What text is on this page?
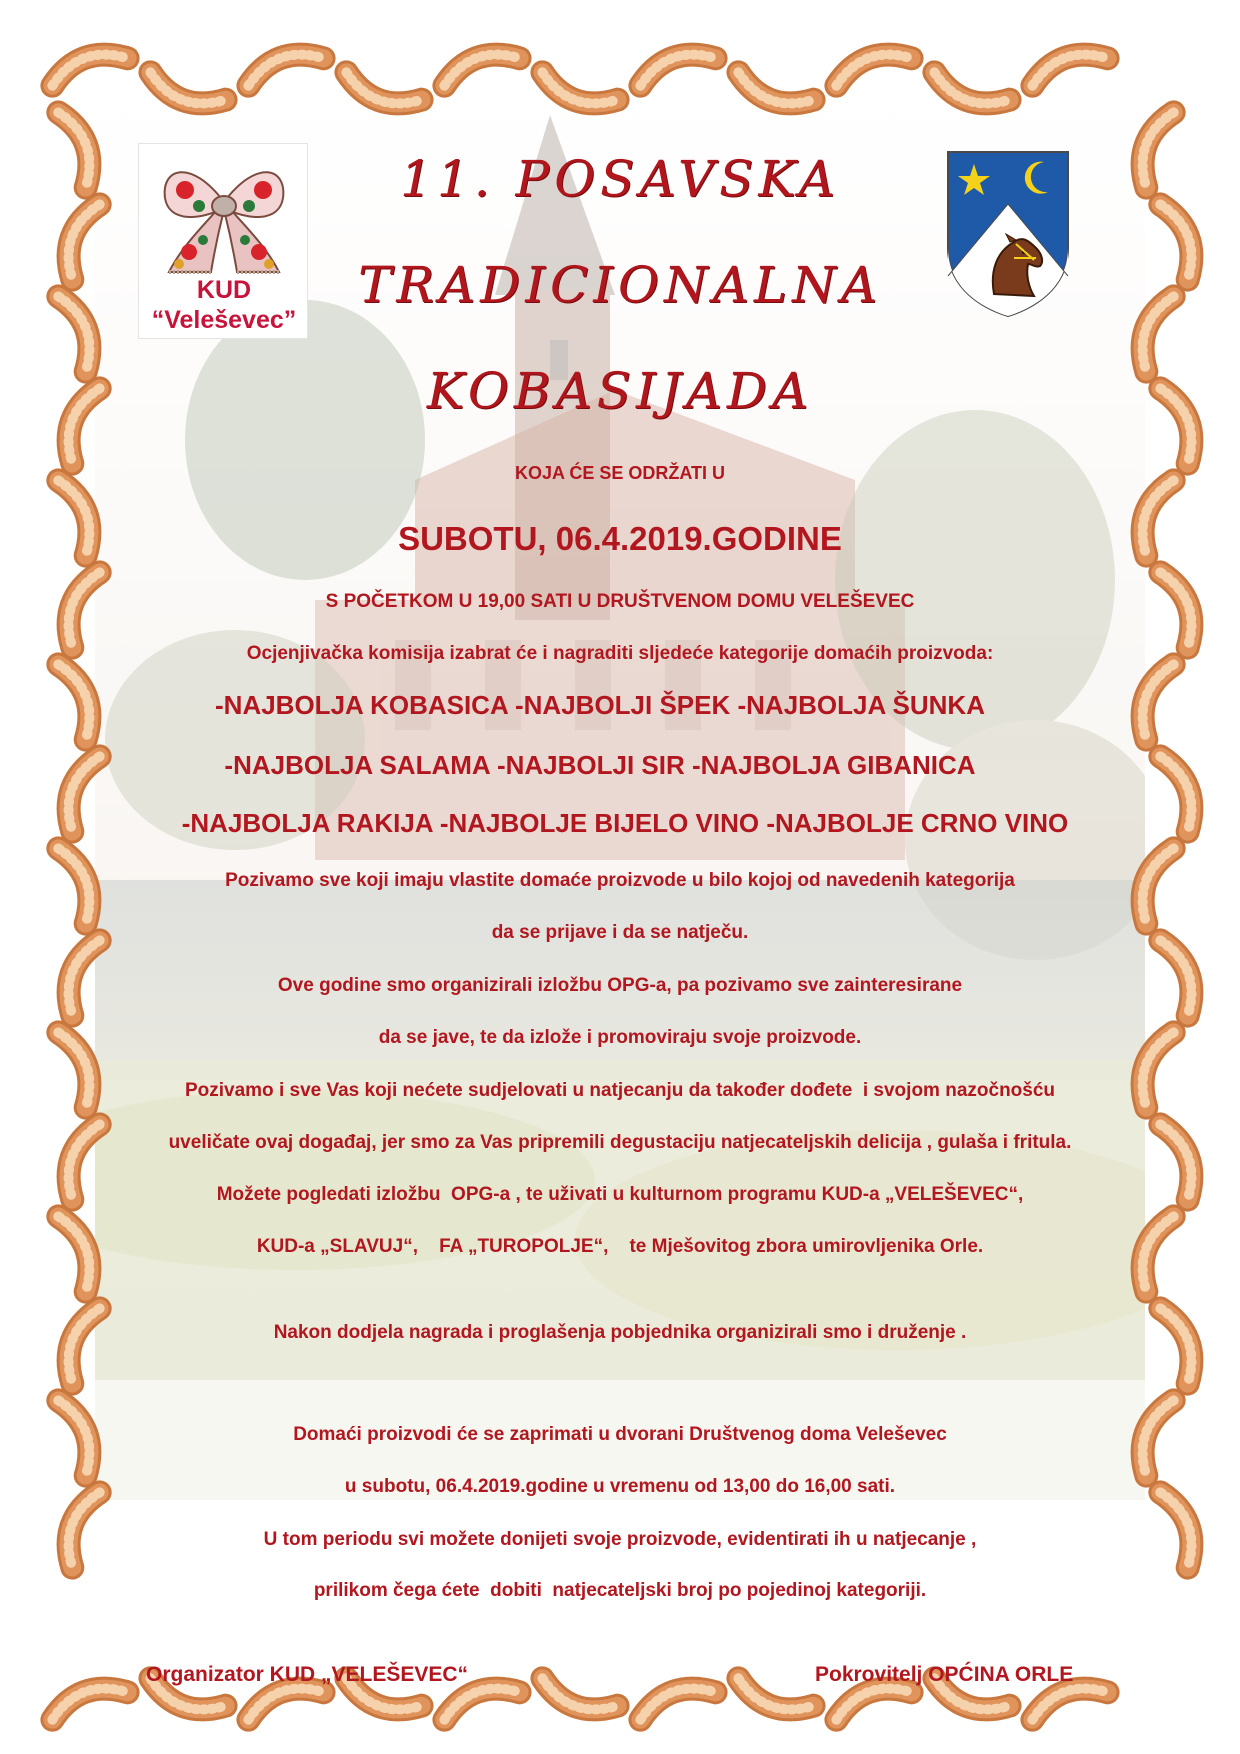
KUD
“Veleševec”
11. POSAVSKA
TRADICIONALNA
KOBASIJADA
KOJA ĆE SE ODRŽATI U
SUBOTU, 06.4.2019.GODINE
S POČETKOM U 19,00 SATI U DRUŠTVENOM DOMU VELEŠEVEC
Ocjenjivačka komisija izabrat će i nagraditi sljedeće kategorije domaćih proizvoda:
-NAJBOLJA KOBASICA -NAJBOLJI ŠPEK -NAJBOLJA ŠUNKA
-NAJBOLJA SALAMA -NAJBOLJI SIR -NAJBOLJA GIBANICA
-NAJBOLJA RAKIJA -NAJBOLJE BIJELO VINO -NAJBOLJE CRNO VINO
Pozivamo sve koji imaju vlastite domaće proizvode u bilo kojoj od navedenih kategorija
da se prijave i da se natječu.
Ove godine smo organizirali izložbu OPG-a, pa pozivamo sve zainteresirane
da se jave, te da izlože i promoviraju svoje proizvode.
Pozivamo i sve Vas koji nećete sudjelovati u natjecanju da također dođete  i svojom nazočnošću
uveličate ovaj događaj, jer smo za Vas pripremili degustaciju natjecateljskih delicija , gulaša i fritula.
Možete pogledati izložbu  OPG-a , te uživati u kulturnom programu KUD-a „VELEŠEVEC“,
KUD-a „SLAVUJ“,    FA „TUROPOLJE“,    te Mješovitog zbora umirovljenika Orle.
Nakon dodjela nagrada i proglašenja pobjednika organizirali smo i druženje .
Domaći proizvodi će se zaprimati u dvorani Društvenog doma Veleševec
u subotu, 06.4.2019.godine u vremenu od 13,00 do 16,00 sati.
U tom periodu svi možete donijeti svoje proizvode, evidentirati ih u natjecanje ,
prilikom čega ćete  dobiti  natjecateljski broj po pojedinoj kategoriji.
Organizator KUD „VELEŠEVEC“	Pokrovitelj OPĆINA ORLE
